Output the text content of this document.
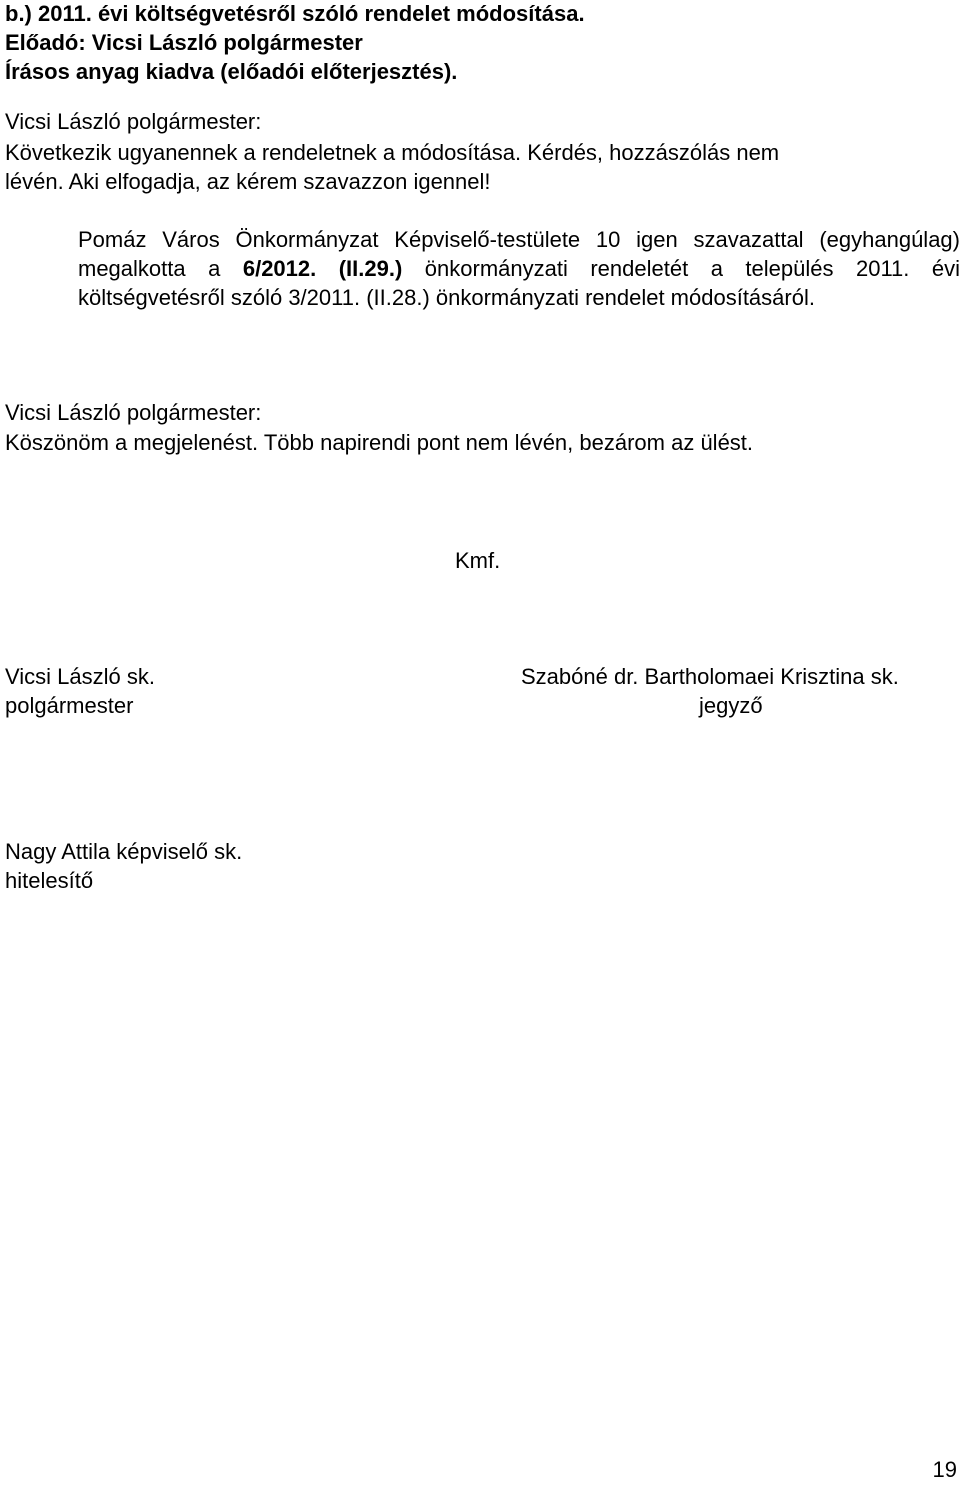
b.) 2011. évi költségvetésről szóló rendelet módosítása.
Előadó: Vicsi László polgármester
Írásos anyag kiadva (előadói előterjesztés).
Vicsi László polgármester:
Következik ugyanennek a rendeletnek a módosítása. Kérdés, hozzászólás nem
lévén. Aki elfogadja, az kérem szavazzon igennel!
Pomáz Város Önkormányzat Képviselő-testülete 10 igen szavazattal (egyhangúlag) megalkotta a 6/2012. (II.29.) önkormányzati rendeletét a település 2011. évi költségvetésről szóló 3/2011. (II.28.) önkormányzati rendelet módosításáról.
Vicsi László polgármester:
Köszönöm a megjelenést. Több napirendi pont nem lévén, bezárom az ülést.
Kmf.
Vicsi László sk.
polgármester
Szabóné dr. Bartholomaei Krisztina sk.
jegyző
Nagy Attila képviselő sk.
hitelesítő
19
